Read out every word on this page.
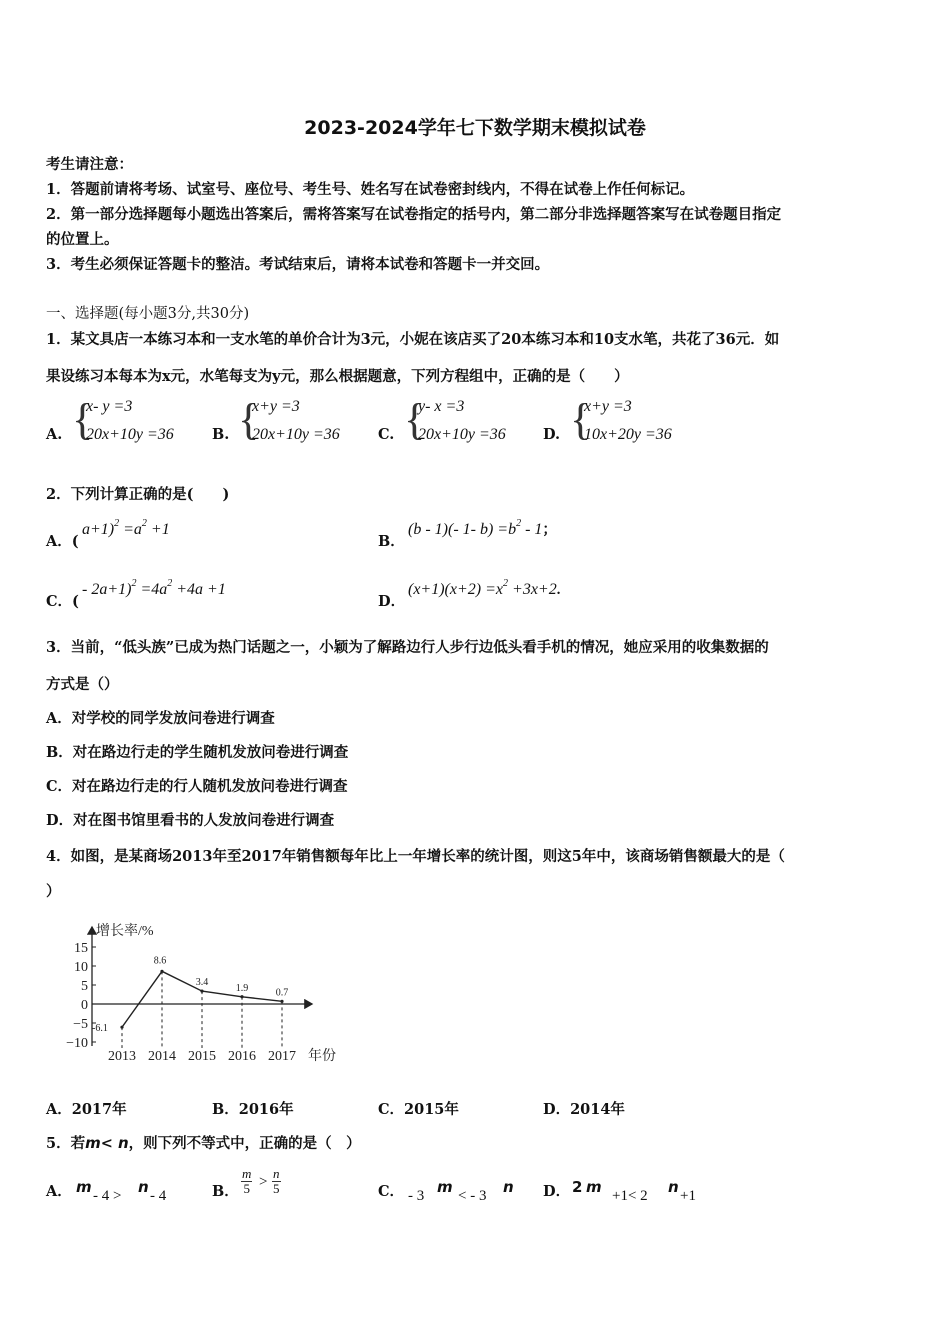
2023-2024学年七下数学期末模拟试卷
考生请注意：
1．答题前请将考场、试室号、座位号、考生号、姓名写在试卷密封线内，不得在试卷上作任何标记。
2．第一部分选择题每小题选出答案后，需将答案写在试卷指定的括号内，第二部分非选择题答案写在试卷题目指定
的位置上。
3．考生必须保证答题卡的整洁。考试结束后，请将本试卷和答题卡一并交回。
一、选择题(每小题3分,共30分)
1．某文具店一本练习本和一支水笔的单价合计为3元，小妮在该店买了20本练习本和10支水笔，共花了36元．如
果设练习本每本为x元，水笔每支为y元，那么根据题意，下列方程组中，正确的是（　　）
A. {
x- y =3
20x+10y =36	B. {
x+y =3
20x+10y =36	C. {
y- x =3
20x+10y =36	D. {
x+y =3
10x+20y =36
2．下列计算正确的是(　　)
A．(
$a+1)^2 =a^2 +1$
B．
(b - 1)(- 1- $b) =b^2 - 1$；
C．(
- $2a+1)^2 =4a^2 +4a +1$
D．
$(x+1)(x+2) =x^2 +3x+2$.
3．当前，“低头族”已成为热门话题之一，小颖为了解路边行人步行边低头看手机的情况，她应采用的收集数据的
方式是（）
A．对学校的同学发放问卷进行调查
B．对在路边行走的学生随机发放问卷进行调查
C．对在路边行走的行人随机发放问卷进行调查
D．对在图书馆里看书的人发放问卷进行调查
4．如图，是某商场2013年至2017年销售额每年比上一年增长率的统计图，则这5年中，该商场销售额最大的是（
）
增长率/%
15
10
5
0
−5
−10
-6.1
8.6
3.4
1.9	0.7
2013 2014 2015 2016 2017 年份
A．2017年	B．2016年	C．2015年	D．2014年
5．若m< n，则下列不等式中，正确的是（　）
A． m - 4 > n - 4	B． $\frac{m}{5} > \frac{n}{5}$	C． - 3 m < - 3 n D． 2 m +1< 2 n +1
